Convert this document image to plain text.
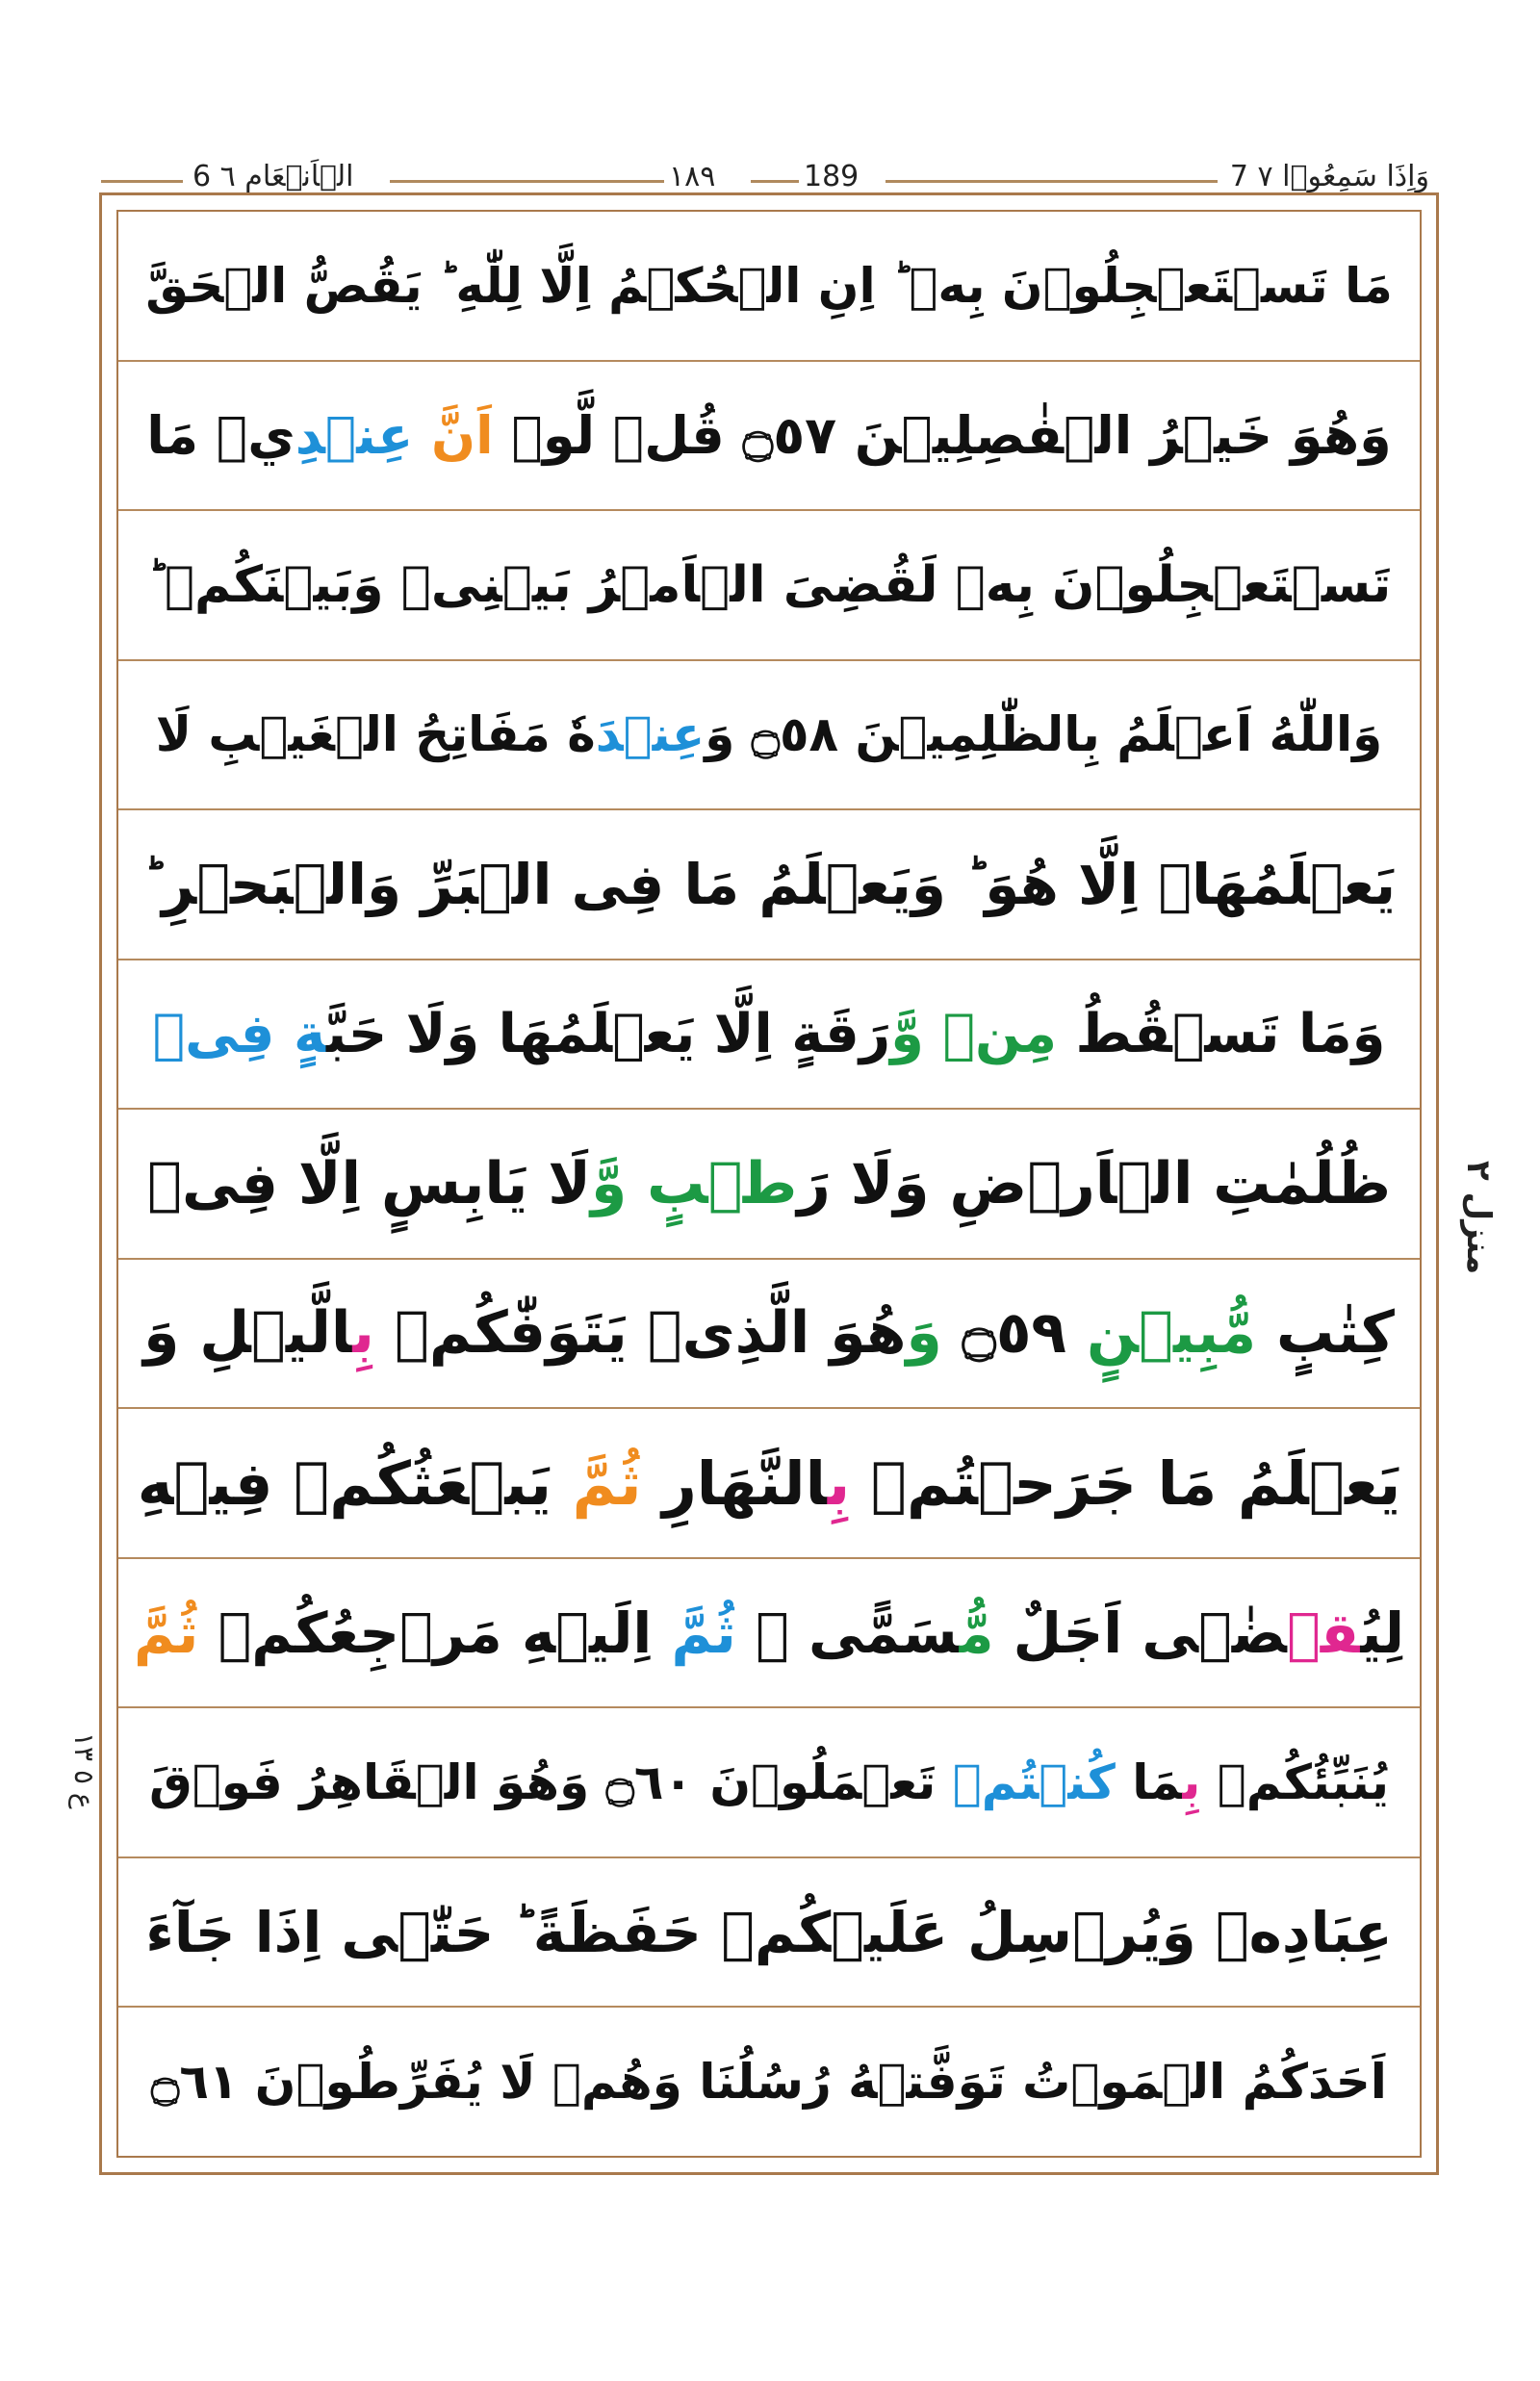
7 وَاِذَا سَمِعُوۡا ٧
١٨٩	189
6 الۡاَنۡعَام ٦
مَا تَسۡتَعۡجِلُوۡنَ بِهٖ ؕ اِنِ الۡحُكۡمُ اِلَّا لِلّٰهِ ؕ يَقُصُّ الۡحَقَّ
وَهُوَ خَيۡرُ الۡفٰصِلِيۡنَ ۝٥٧ قُلۡ لَّوۡ اَنَّ عِنۡدِيۡ مَا
تَسۡتَعۡجِلُوۡنَ بِهٖ لَقُضِىَ الۡاَمۡرُ بَيۡنِىۡ وَبَيۡنَكُمۡ ؕ
وَاللّٰهُ اَعۡلَمُ بِالظّٰلِمِيۡنَ ۝٥٨ وَعِنۡدَهٗ مَفَاتِحُ الۡغَيۡبِ لَا
يَعۡلَمُهَاۤ اِلَّا هُوَ ؕ وَيَعۡلَمُ مَا فِى الۡبَرِّ وَالۡبَحۡرِ ؕ
وَمَا تَسۡقُطُ مِنۡ وَّرَقَةٍ اِلَّا يَعۡلَمُهَا وَلَا حَبَّةٍ فِىۡ
ظُلُمٰتِ الۡاَرۡضِ وَلَا رَطۡبٍ وَّلَا يَابِسٍ اِلَّا فِىۡ
كِتٰبٍ مُّبِيۡنٍ ۝٥٩ وَهُوَ الَّذِىۡ يَتَوَفّٰكُمۡ بِالَّيۡلِ وَ
يَعۡلَمُ مَا جَرَحۡتُمۡ بِالنَّهَارِ ثُمَّ يَبۡعَثُكُمۡ فِيۡهِ
لِيُقۡضٰۤى اَجَلٌ مُّسَمًّى ۚ ثُمَّ اِلَيۡهِ مَرۡجِعُكُمۡ ثُمَّ
يُنَبِّئُكُمۡ بِمَا كُنۡتُمۡ تَعۡمَلُوۡنَ ۝٦٠ وَهُوَ الۡقَاهِرُ فَوۡقَ
عِبَادِهٖ وَيُرۡسِلُ عَلَيۡكُمۡ حَفَظَةً ؕ حَتّٰۤى اِذَا جَآءَ
اَحَدَكُمُ الۡمَوۡتُ تَوَفَّتۡهُ رُسُلُنَا وَهُمۡ لَا يُفَرِّطُوۡنَ ۝٦١
منزل ٢
ع ٥ ١٣
